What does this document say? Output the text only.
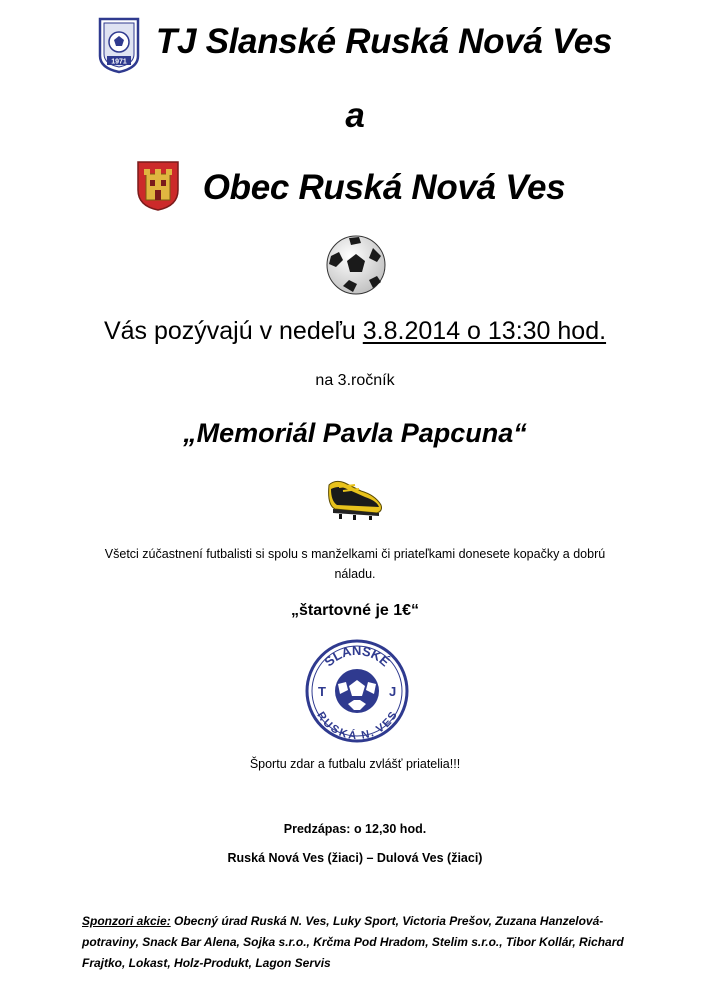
1971
TJ Slanské Ruská Nová Ves
a
Obec Ruská Nová Ves
Vás pozývajú v nedeľu 3.8.2014 o 13:30 hod.
na 3.ročník
„Memoriál Pavla Papcuna“
Všetci zúčastnení futbalisti si spolu s manželkami či priateľkami donesete kopačky a dobrú
náladu.
„štartovné je 1€“
SLANSKÉ
RUSKÁ N. VES
T	J
Športu zdar a futbalu zvlášť priatelia!!!
Predzápas: o 12,30 hod.
Ruská Nová Ves (žiaci) – Dulová Ves (žiaci)
Sponzori akcie: Obecný úrad Ruská N. Ves, Luky Sport, Victoria Prešov, Zuzana Hanzelová-potraviny, Snack Bar Alena, Sojka s.r.o., Krčma Pod Hradom, Stelim s.r.o., Tibor Kollár, Richard Frajtko, Lokast, Holz-Produkt, Lagon Servis
